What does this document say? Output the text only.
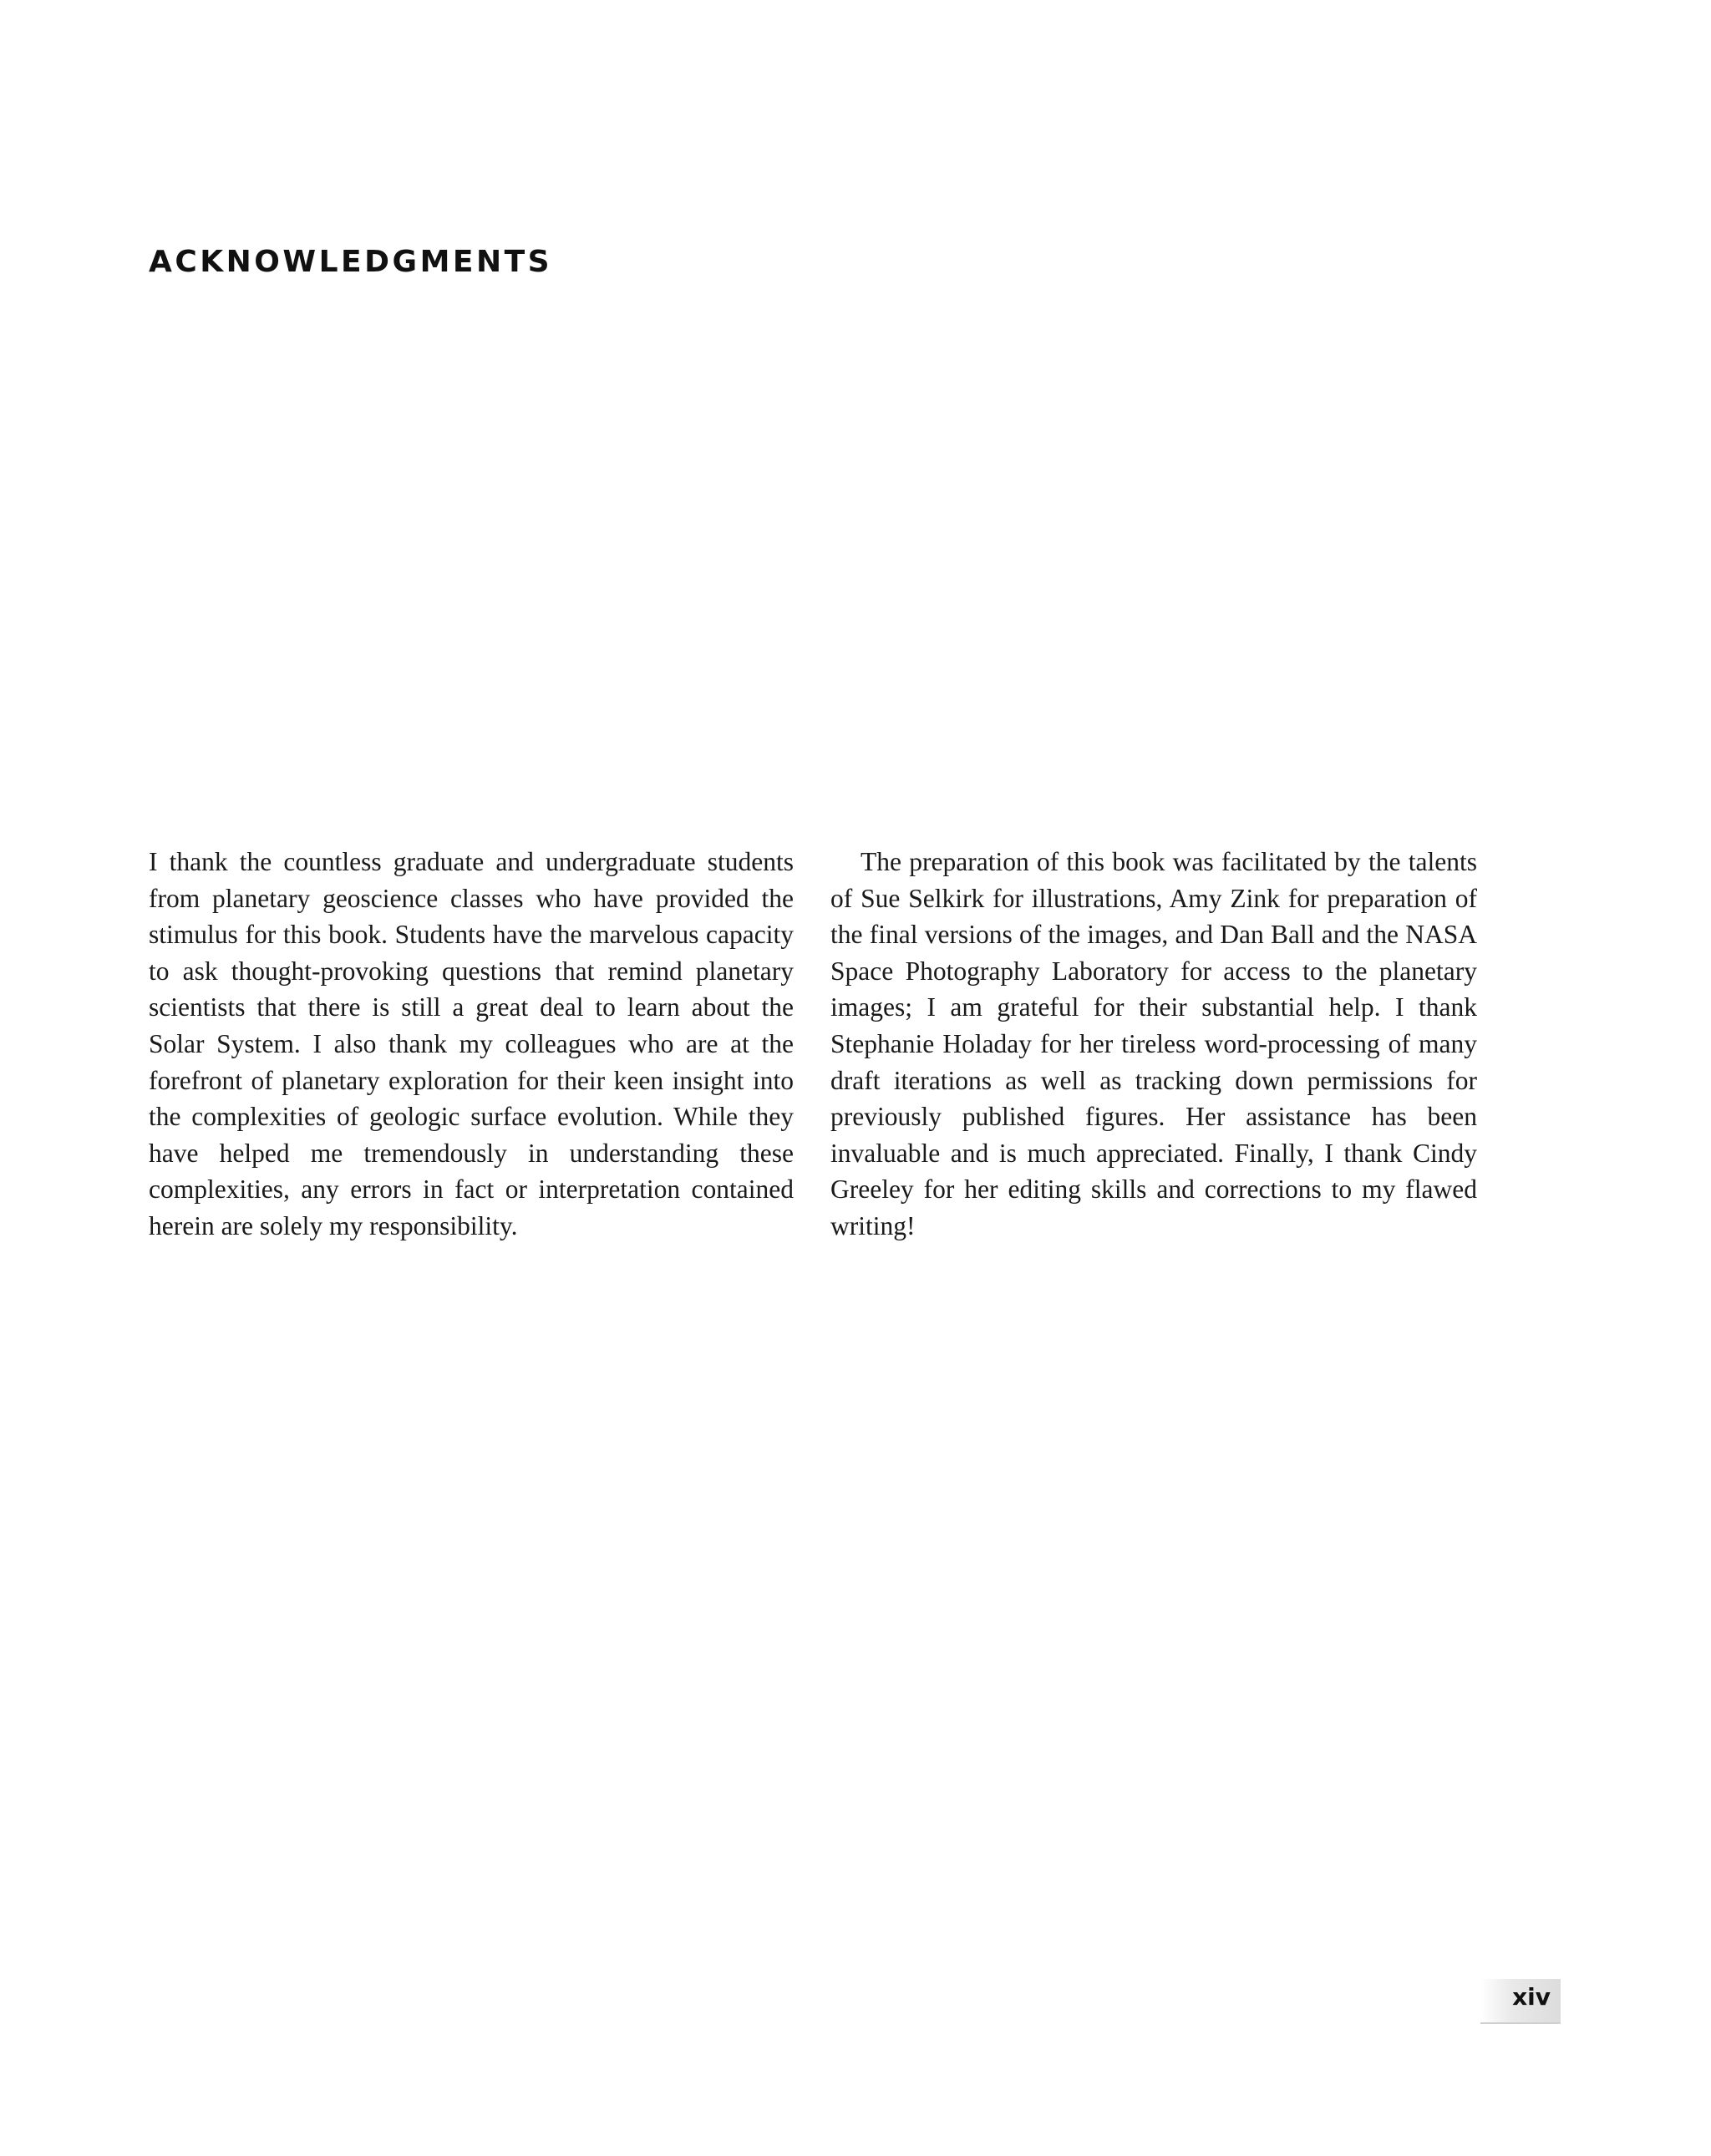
ACKNOWLEDGMENTS

I thank the countless graduate and undergraduate students from planetary geoscience classes who have provided the stimulus for this book. Students have the marvelous capacity to ask thought-provoking questions that remind planetary scientists that there is still a great deal to learn about the Solar System. I also thank my colleagues who are at the forefront of planetary exploration for their keen insight into the complexities of geologic surface evolution. While they have helped me tremendously in understanding these complexities, any errors in fact or interpretation contained herein are solely my responsibility.

The preparation of this book was facilitated by the talents of Sue Selkirk for illustrations, Amy Zink for preparation of the final versions of the images, and Dan Ball and the NASA Space Photography Laboratory for access to the planetary images; I am grateful for their substantial help. I thank Stephanie Holaday for her tireless word-processing of many draft iterations as well as tracking down permissions for previously published figures. Her assistance has been invaluable and is much appreciated. Finally, I thank Cindy Greeley for her editing skills and corrections to my flawed writing!

xiv
